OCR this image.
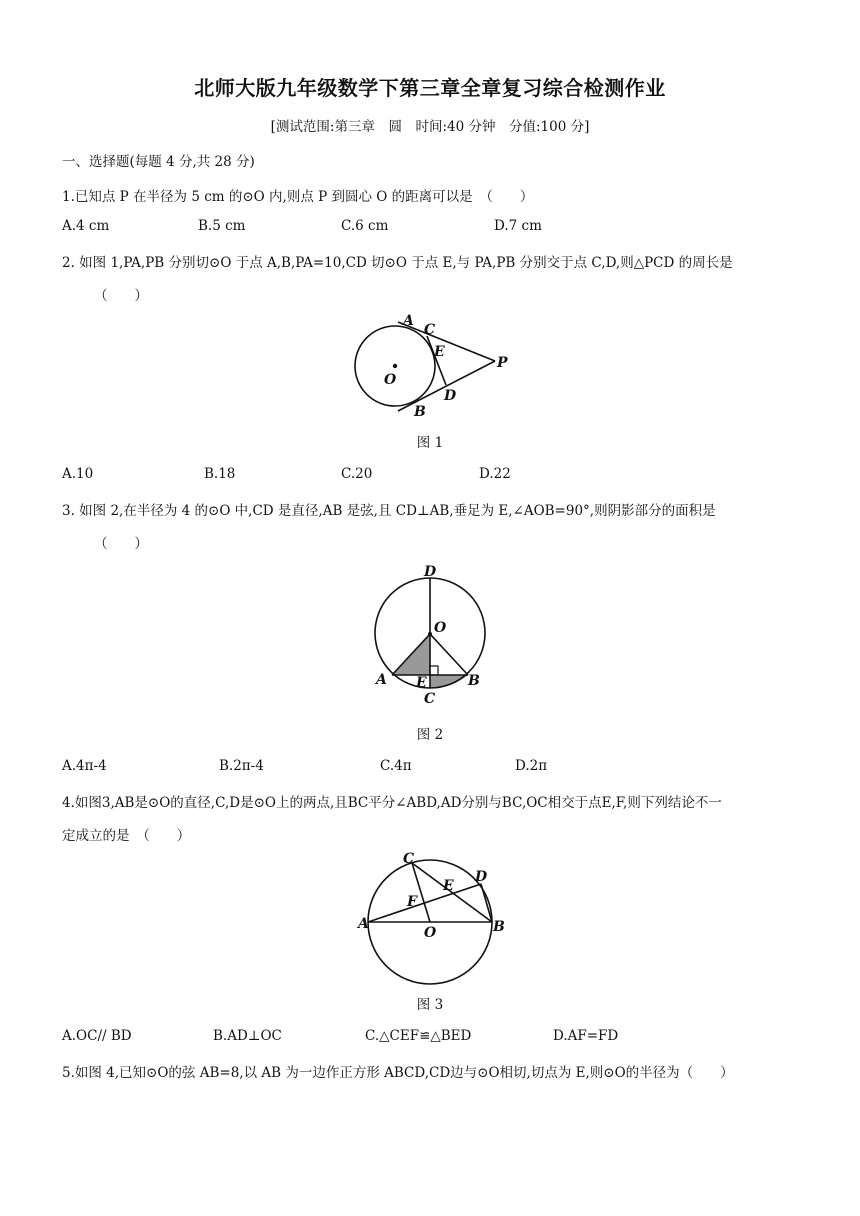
北师大版九年级数学下第三章全章复习综合检测作业
[测试范围:第三章　圆　时间:40 分钟　分值:100 分]
一、选择题(每题 4 分,共 28 分)
1.已知点 P 在半径为 5 cm 的⊙O 内,则点 P 到圆心 O 的距离可以是　（　　）
A.4 cm	B.5 cm	C.6 cm	D.7 cm
2. 如图 1,PA,PB 分别切⊙O 于点 A,B,PA=10,CD 切⊙O 于点 E,与 PA,PB 分别交于点 C,D,则△PCD 的周长是
（　　）
A
C
E
P
O
D
B
图 1
A.10	B.18	C.20	D.22
3. 如图 2,在半径为 4 的⊙O 中,CD 是直径,AB 是弦,且 CD⊥AB,垂足为 E,∠AOB=90°,则阴影部分的面积是
（　　）
D
O
A E	B
C
图 2
A.4π-4	B.2π-4	C.4π	D.2π
4.如图3,AB是⊙O的直径,C,D是⊙O上的两点,且BC平分∠ABD,AD分别与BC,OC相交于点E,F,则下列结论不一
定成立的是　（　　）
C
D
E
F
A
O	B
图 3
A.OC// BD	B.AD⊥OC	C.△CEF≌△BED	D.AF=FD
5.如图 4,已知⊙O的弦 AB=8,以 AB 为一边作正方形 ABCD,CD边与⊙O相切,切点为 E,则⊙O的半径为（　　）
